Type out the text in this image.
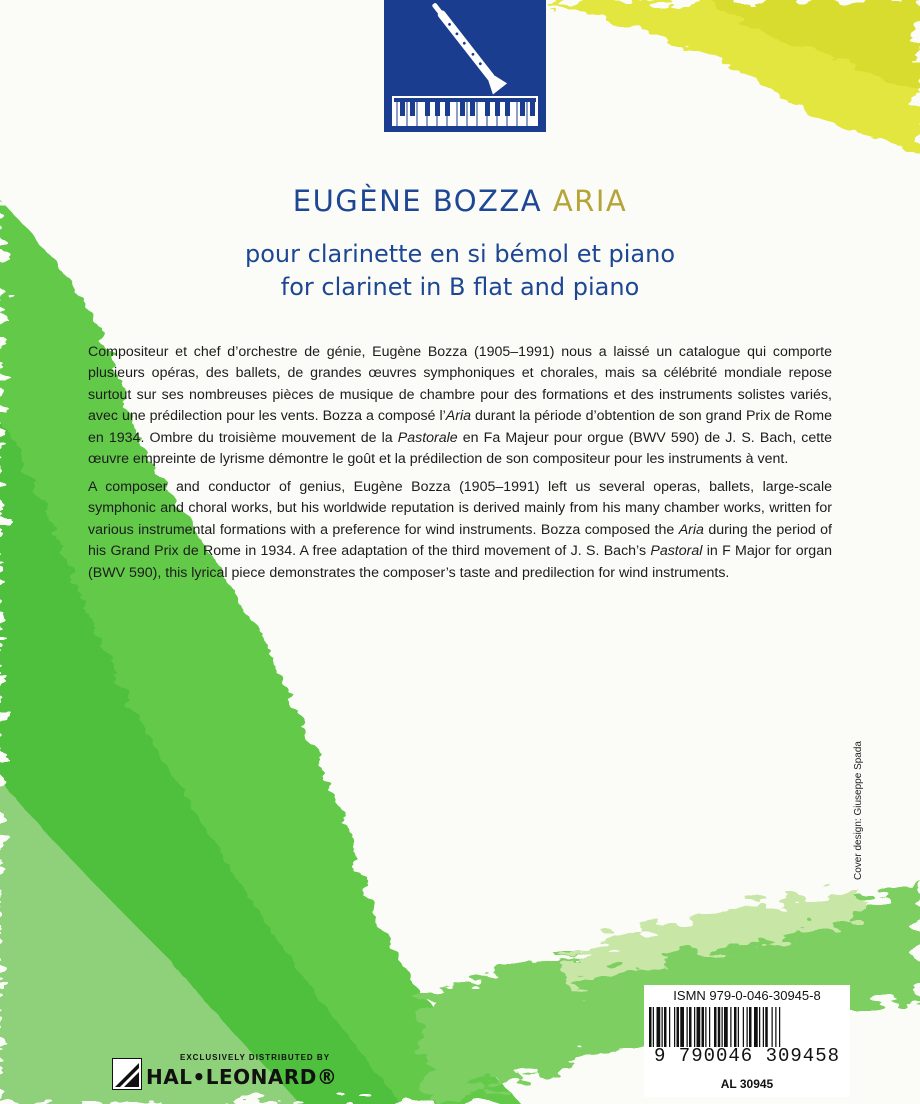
EUGÈNE BOZZA ARIA
pour clarinette en si bémol et piano
for clarinet in B flat and piano

Compositeur et chef d’orchestre de génie, Eugène Bozza (1905–1991) nous a laissé un catalogue qui comporte plusieurs opéras, des ballets, de grandes œuvres symphoniques et chorales, mais sa célébrité mondiale repose surtout sur ses nombreuses pièces de musique de chambre pour des formations et des instruments solistes variés, avec une prédilection pour les vents. Bozza a composé l’Aria durant la période d’obtention de son grand Prix de Rome en 1934. Ombre du troisième mouvement de la Pastorale en Fa Majeur pour orgue (BWV 590) de J. S. Bach, cette œuvre empreinte de lyrisme démontre le goût et la prédilection de son compositeur pour les instruments à vent.

A composer and conductor of genius, Eugène Bozza (1905–1991) left us several operas, ballets, large-scale symphonic and choral works, but his worldwide reputation is derived mainly from his many chamber works, written for various instrumental formations with a preference for wind instruments. Bozza composed the Aria during the period of his Grand Prix de Rome in 1934. A free adaptation of the third movement of J. S. Bach’s Pastoral in F Major for organ (BWV 590), this lyrical piece demonstrates the composer’s taste and predilection for wind instruments.

Cover design: Giuseppe Spada
ISMN 979-0-046-30945-8
9 790046 309458
AL 30945
EXCLUSIVELY DISTRIBUTED BY
HAL•LEONARD®
